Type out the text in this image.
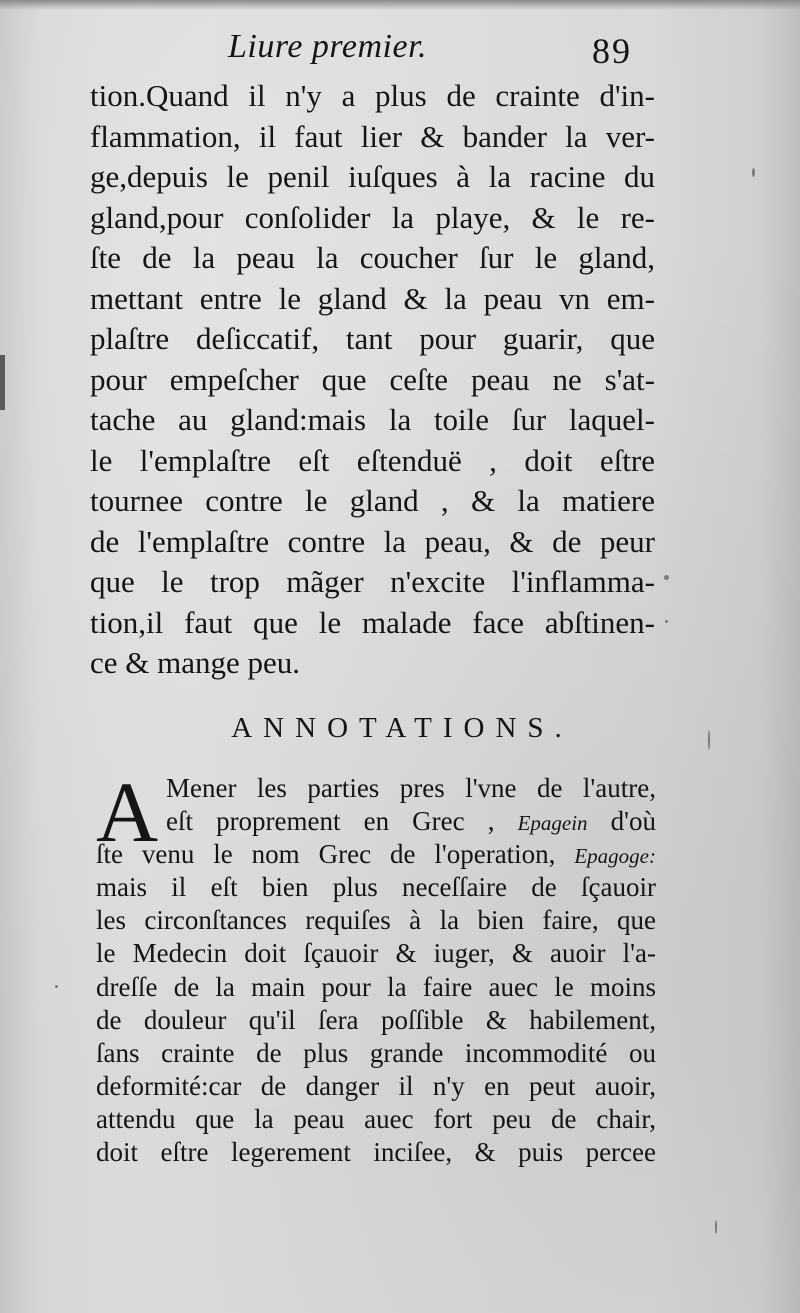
Liure premier.	89
tion.Quand il n'y a plus de crainte d'in-
flammation, il faut lier & bander la ver-
ge,depuis le penil iuſques à la racine du
gland,pour conſolider la playe, & le re-
ſte de la peau la coucher ſur le gland,
mettant entre le gland & la peau vn em-
plaſtre deſiccatif, tant pour guarir, que
pour empeſcher que ceſte peau ne s'at-
tache au gland:mais la toile ſur laquel-
le l'emplaſtre eſt eſtenduë , doit eſtre
tournee contre le gland , & la matiere
de l'emplaſtre contre la peau, & de peur
que le trop mãger n'excite l'inflamma-
tion,il faut que le malade face abſtinen-
ce & mange peu.
ANNOTATIONS.
A Mener les parties pres l'vne de l'autre,
eſt proprement en Grec , Epagein d'où
ſte venu le nom Grec de l'operation, Epagoge:
mais il eſt bien plus neceſſaire de ſçauoir
les circonſtances requiſes à la bien faire, que
le Medecin doit ſçauoir & iuger, & auoir l'a-
dreſſe de la main pour la faire auec le moins
de douleur qu'il ſera poſſible & habilement,
ſans crainte de plus grande incommodité ou
deformité:car de danger il n'y en peut auoir,
attendu que la peau auec fort peu de chair,
doit eſtre legerement inciſee, & puis percee
